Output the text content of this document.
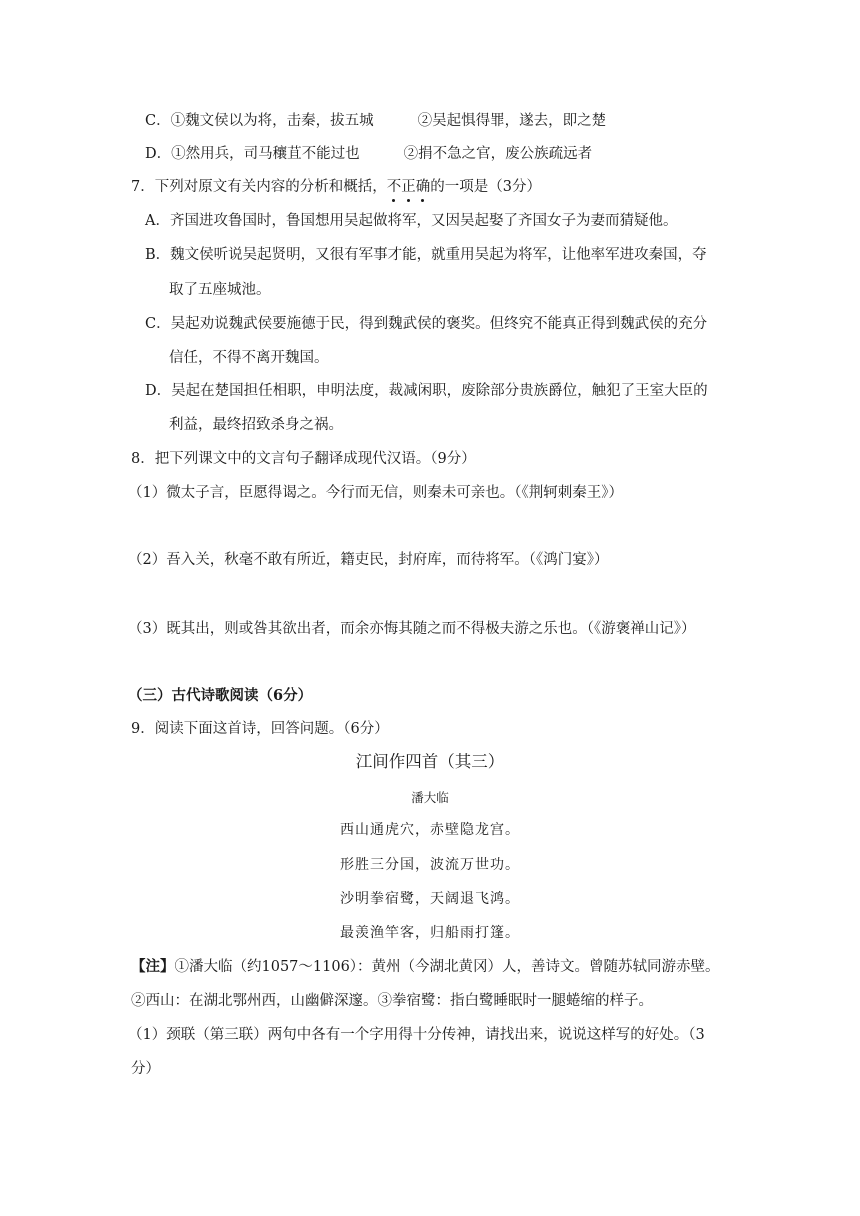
C．①魏文侯以为将，击秦，拔五城	②吴起惧得罪，遂去，即之楚
D．①然用兵，司马穰苴不能过也	②捐不急之官，废公族疏远者
7．下列对原文有关内容的分析和概括，不正确的一项是（3分）
A．齐国进攻鲁国时，鲁国想用吴起做将军，又因吴起娶了齐国女子为妻而猜疑他。
B．魏文侯听说吴起贤明，又很有军事才能，就重用吴起为将军，让他率军进攻秦国，夺
取了五座城池。
C．吴起劝说魏武侯要施德于民，得到魏武侯的褒奖。但终究不能真正得到魏武侯的充分
信任，不得不离开魏国。
D．吴起在楚国担任相职，申明法度，裁减闲职，废除部分贵族爵位，触犯了王室大臣的
利益，最终招致杀身之祸。
8．把下列课文中的文言句子翻译成现代汉语。（9分）
（1）微太子言，臣愿得谒之。今行而无信，则秦未可亲也。（《荆轲刺秦王》）
（2）吾入关，秋毫不敢有所近，籍吏民，封府库，而待将军。（《鸿门宴》）
（3）既其出，则或咎其欲出者，而余亦悔其随之而不得极夫游之乐也。（《游褒禅山记》）
（三）古代诗歌阅读（6分）
9．阅读下面这首诗，回答问题。（6分）
江间作四首（其三）
潘大临
西山通虎穴，赤壁隐龙宫。
形胜三分国，波流万世功。
沙明拳宿鹭，天阔退飞鸿。
最羡渔竿客，归船雨打篷。
【注】①潘大临（约1057～1106）：黄州（今湖北黄冈）人，善诗文。曾随苏轼同游赤壁。
②西山：在湖北鄂州西，山幽僻深邃。③拳宿鹭：指白鹭睡眠时一腿蜷缩的样子。
（1）颈联（第三联）两句中各有一个字用得十分传神，请找出来，说说这样写的好处。（3
分）
